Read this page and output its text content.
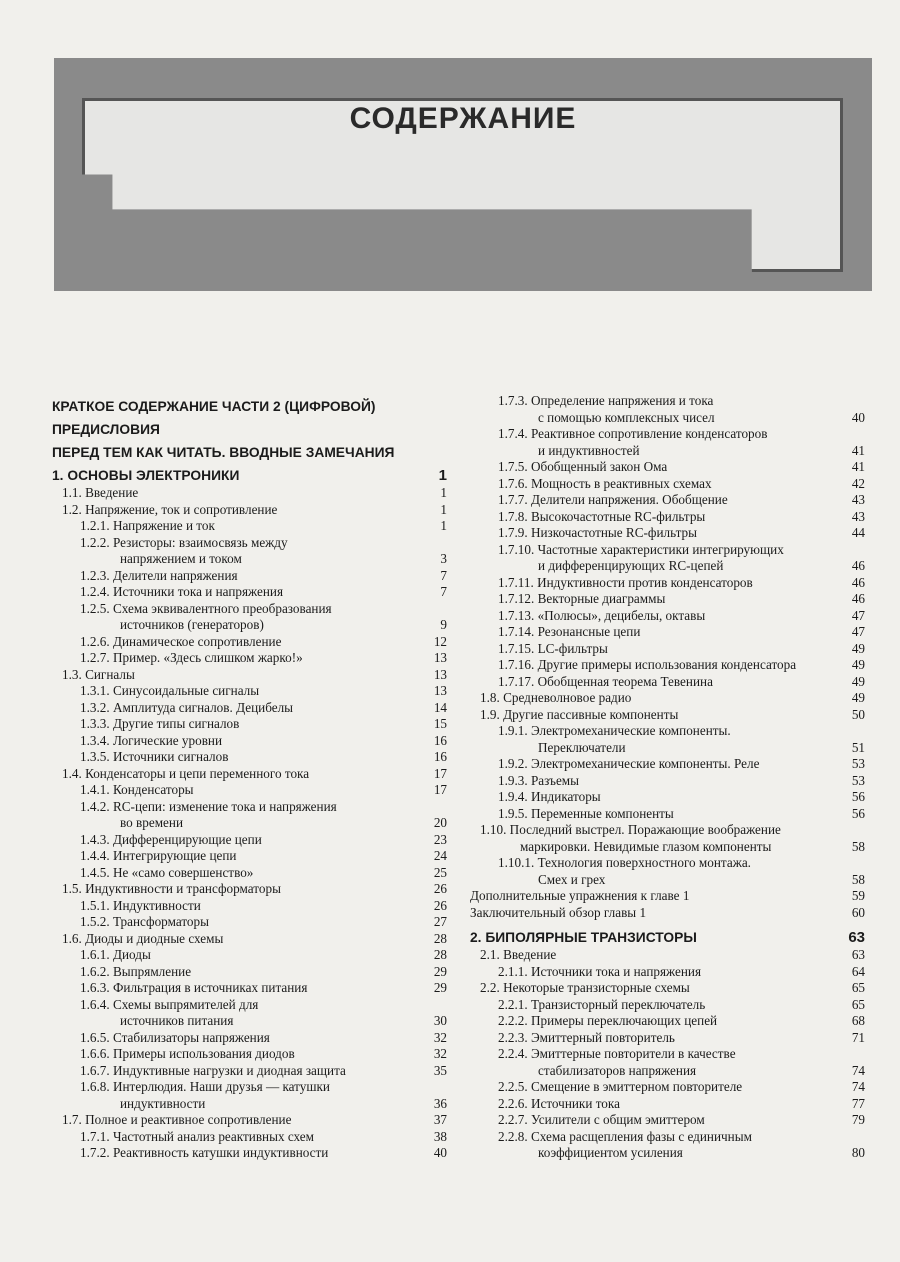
СОДЕРЖАНИЕ
КРАТКОЕ СОДЕРЖАНИЕ ЧАСТИ 2 (ЦИФРОВОЙ)
ПРЕДИСЛОВИЯ
ПЕРЕД ТЕМ КАК ЧИТАТЬ. ВВОДНЫЕ ЗАМЕЧАНИЯ
1. ОСНОВЫ ЭЛЕКТРОНИКИ	1
1.1. Введение	1
1.2. Напряжение, ток и сопротивление	1
1.2.1. Напряжение и ток	1
1.2.2. Резисторы: взаимосвязь между
напряжением и током	3
1.2.3. Делители напряжения	7
1.2.4. Источники тока и напряжения	7
1.2.5. Схема эквивалентного преобразования
источников (генераторов)	9
1.2.6. Динамическое сопротивление	12
1.2.7. Пример. «Здесь слишком жарко!»	13
1.3. Сигналы	13
1.3.1. Синусоидальные сигналы	13
1.3.2. Амплитуда сигналов. Децибелы	14
1.3.3. Другие типы сигналов	15
1.3.4. Логические уровни	16
1.3.5. Источники сигналов	16
1.4. Конденсаторы и цепи переменного тока	17
1.4.1. Конденсаторы	17
1.4.2. RC-цепи: изменение тока и напряжения
во времени	20
1.4.3. Дифференцирующие цепи	23
1.4.4. Интегрирующие цепи	24
1.4.5. Не «само совершенство»	25
1.5. Индуктивности и трансформаторы	26
1.5.1. Индуктивности	26
1.5.2. Трансформаторы	27
1.6. Диоды и диодные схемы	28
1.6.1. Диоды	28
1.6.2. Выпрямление	29
1.6.3. Фильтрация в источниках питания	29
1.6.4. Схемы выпрямителей для
источников питания	30
1.6.5. Стабилизаторы напряжения	32
1.6.6. Примеры использования диодов	32
1.6.7. Индуктивные нагрузки и диодная защита	35
1.6.8. Интерлюдия. Наши друзья — катушки
индуктивности	36
1.7. Полное и реактивное сопротивление	37
1.7.1. Частотный анализ реактивных схем	38
1.7.2. Реактивность катушки индуктивности	40
1.7.3. Определение напряжения и тока
с помощью комплексных чисел	40
1.7.4. Реактивное сопротивление конденсаторов
и индуктивностей	41
1.7.5. Обобщенный закон Ома	41
1.7.6. Мощность в реактивных схемах	42
1.7.7. Делители напряжения. Обобщение	43
1.7.8. Высокочастотные RC-фильтры	43
1.7.9. Низкочастотные RC-фильтры	44
1.7.10. Частотные характеристики интегрирующих
и дифференцирующих RC-цепей	46
1.7.11. Индуктивности против конденсаторов	46
1.7.12. Векторные диаграммы	46
1.7.13. «Полюсы», децибелы, октавы	47
1.7.14. Резонансные цепи	47
1.7.15. LC-фильтры	49
1.7.16. Другие примеры использования конденсатора	49
1.7.17. Обобщенная теорема Тевенина	49
1.8. Средневолновое радио	49
1.9. Другие пассивные компоненты	50
1.9.1. Электромеханические компоненты.
Переключатели	51
1.9.2. Электромеханические компоненты. Реле	53
1.9.3. Разъемы	53
1.9.4. Индикаторы	56
1.9.5. Переменные компоненты	56
1.10. Последний выстрел. Поражающие воображение
маркировки. Невидимые глазом компоненты	58
1.10.1. Технология поверхностного монтажа.
Смех и грех	58
Дополнительные упражнения к главе 1	59
Заключительный обзор главы 1	60
2. БИПОЛЯРНЫЕ ТРАНЗИСТОРЫ	63
2.1. Введение	63
2.1.1. Источники тока и напряжения	64
2.2. Некоторые транзисторные схемы	65
2.2.1. Транзисторный переключатель	65
2.2.2. Примеры переключающих цепей	68
2.2.3. Эмиттерный повторитель	71
2.2.4. Эмиттерные повторители в качестве
стабилизаторов напряжения	74
2.2.5. Смещение в эмиттерном повторителе	74
2.2.6. Источники тока	77
2.2.7. Усилители с общим эмиттером	79
2.2.8. Схема расщепления фазы с единичным
коэффициентом усиления	80
